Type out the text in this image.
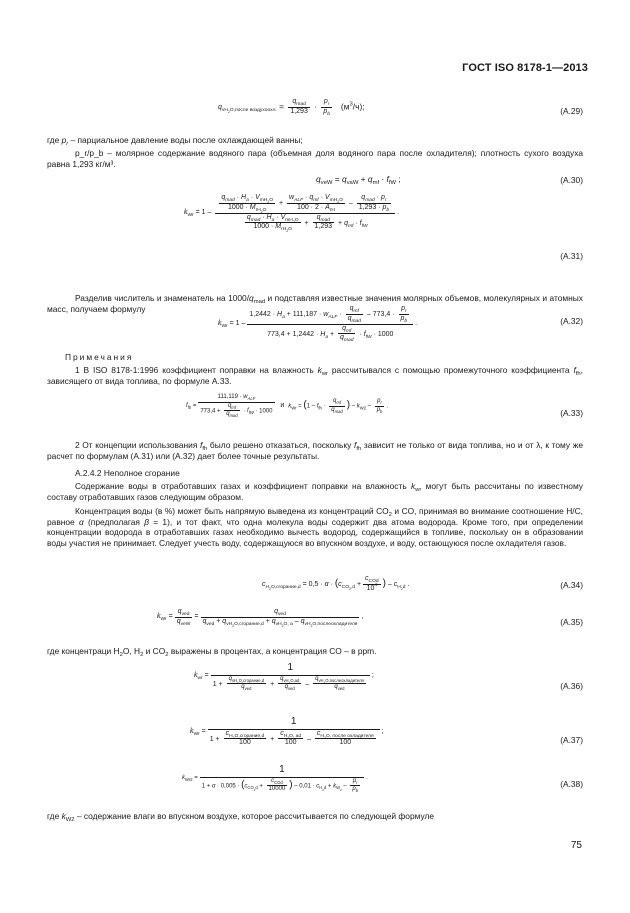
ГОСТ ISO 8178-1—2013
$q_{vH_2O,после воздухоохл.} = \frac{q_{mad}}{1,293} \cdot \frac{p_r}{p_b} (м^3/ч)$;	(А.29)
где $p_r$ – парциальное давление воды после охлаждающей ванны;
p_r/p_b – молярное содержание водяного пара (объемная доля водяного пара после охладителя); плотность сухого воздуха равна 1,293 кг/м³.
$q_{veW} = q_{vaW} + q_{mf} \cdot f_{fW}$ ;	(А.30)
$k_{Wr} = 1 - \frac{q_{mad} \cdot H_a \cdot V_{mH_2O}}{1000 \cdot M_{rH_2O}} + \frac{w_{ALF} \cdot q_{mf} \cdot V_{mH_2O}}{100 \cdot 2 \cdot A_{rH}} - \frac{q_{mad} \cdot p_r}{1,293 \cdot p_b}$
$\frac{q_{mad} \cdot H_a \cdot V_{mH_2O}}{1000 \cdot M_{rH_2O}} + \frac{q_{mad}}{1,293} + q_{mf} \cdot f_{fW}$
.
(А.31)
Разделив числитель и знаменатель на $1000/q_{mad}$ и подставляя известные значения молярных объемов, молекулярных и атомных масс, получаем формулу
$k_{Wr} = 1$ –
$1,2442 \cdot H_a + 111,187 \cdot w_{ALF} \cdot \frac{q_{mf}}{q_{mad}} - 773,4 \cdot \frac{p_r}{p_b}$
$773,4 + 1,2442 \cdot H_a + \frac{q_{mf}}{q_{mad}} \cdot f_{fW} \cdot 1000$
.	(А.32)
Примечания
1 В ISO 8178-1:1996 коэффициент поправки на влажность $k_{wr}$ рассчитывался с помощью промежуточного коэффициента $f_{fh}$, зависящего от вида топлива, по формуле А.33.
$f_{fh} = \frac{111,119 \cdot w_{ALF}}{773,4 + \frac{q_{mf}}{q_{mad}} \cdot f_{fW} \cdot 1000}$ и $k_{Wr} = (1 - f_{fh} \cdot \frac{q_{mf}}{q_{mad}}$ ) – $k_{W2} - \frac{p_r}{p_b}$ .
(А.33)
2 От концепции использования $f_{fh}$ было решено отказаться, поскольку $f_{fh}$ зависит не только от вида топлива, но и от λ, к тому же расчет по формулам (А.31) или (А.32) дает более точные результаты.
А.2.4.2 Неполное сгорание
Содержание воды в отработавших газах и коэффициент поправки на влажность $k_{wr}$ могут быть рассчитаны по известному составу отработавших газов следующим образом.
Концентрация воды (в %) может быть напрямую выведена из концентраций $CO_2$ и CO, принимая во внимание соотношение H/C, равное α (предполагая β = 1), и тот факт, что одна молекула воды содержит два атома водорода. Кроме того, при определении концентрации водорода в отработавших газах необходимо вычесть водород, содержащийся в топливе, поскольку он в образовании воды участия не принимает. Следует учесть воду, содержащуюся во впускном воздухе, и воду, остающуюся после охладителя газов.
$c_{H_2O,сгорание,d} = 0,5 \cdot \alpha \cdot (c_{CO_2,d} + \frac{c_{COd}}{10^4}$ ) – $c_{H_2d}$ .	(А.34)
$k_{Wr} = \frac{q_{ved}}{q_{veW}} = \frac{q_{ved}}{q_{ved} + q_{vH_2O,сгорание,d} + q_{vH_2O, a} - q_{vH_2O,послеохладителя}}$ ,
(А.35)
где концентраци $H_2O$, $H_2$ и $CO_2$ выражены в процентах, а концентрация CO – в ppm.
$k_{wr}$ =
1
$1 + \frac{q_{vH_2O,сгорание,d}}{q_{ved}} + \frac{q_{vH_2O,ad}}{q_{ved}} - \frac{q_{vH_2O,послеохладителя}}{q_{ved}}$ ;
(А.36)
$k_{Wr}$ =
1
$1 + \frac{c_{H_2O,сгорание,d}}{100} + \frac{c_{H_2O, ad}}{100} - \frac{c_{H_2O, после охладителя}}{100}$ ;
(А.37)
$k_{Wr2}$ =
1
$1 + \alpha \cdot 0,005 \cdot (c_{CO_2d} + \frac{c_{COd}}{10000}$ ) – $0,01 \cdot c_{H_2d} + k_{W_2} - \frac{p_r}{p_b}$ .
(А.38)
где $k_{W2}$ – содержание влаги во впускном воздухе, которое рассчитывается по следующей формуле
75
